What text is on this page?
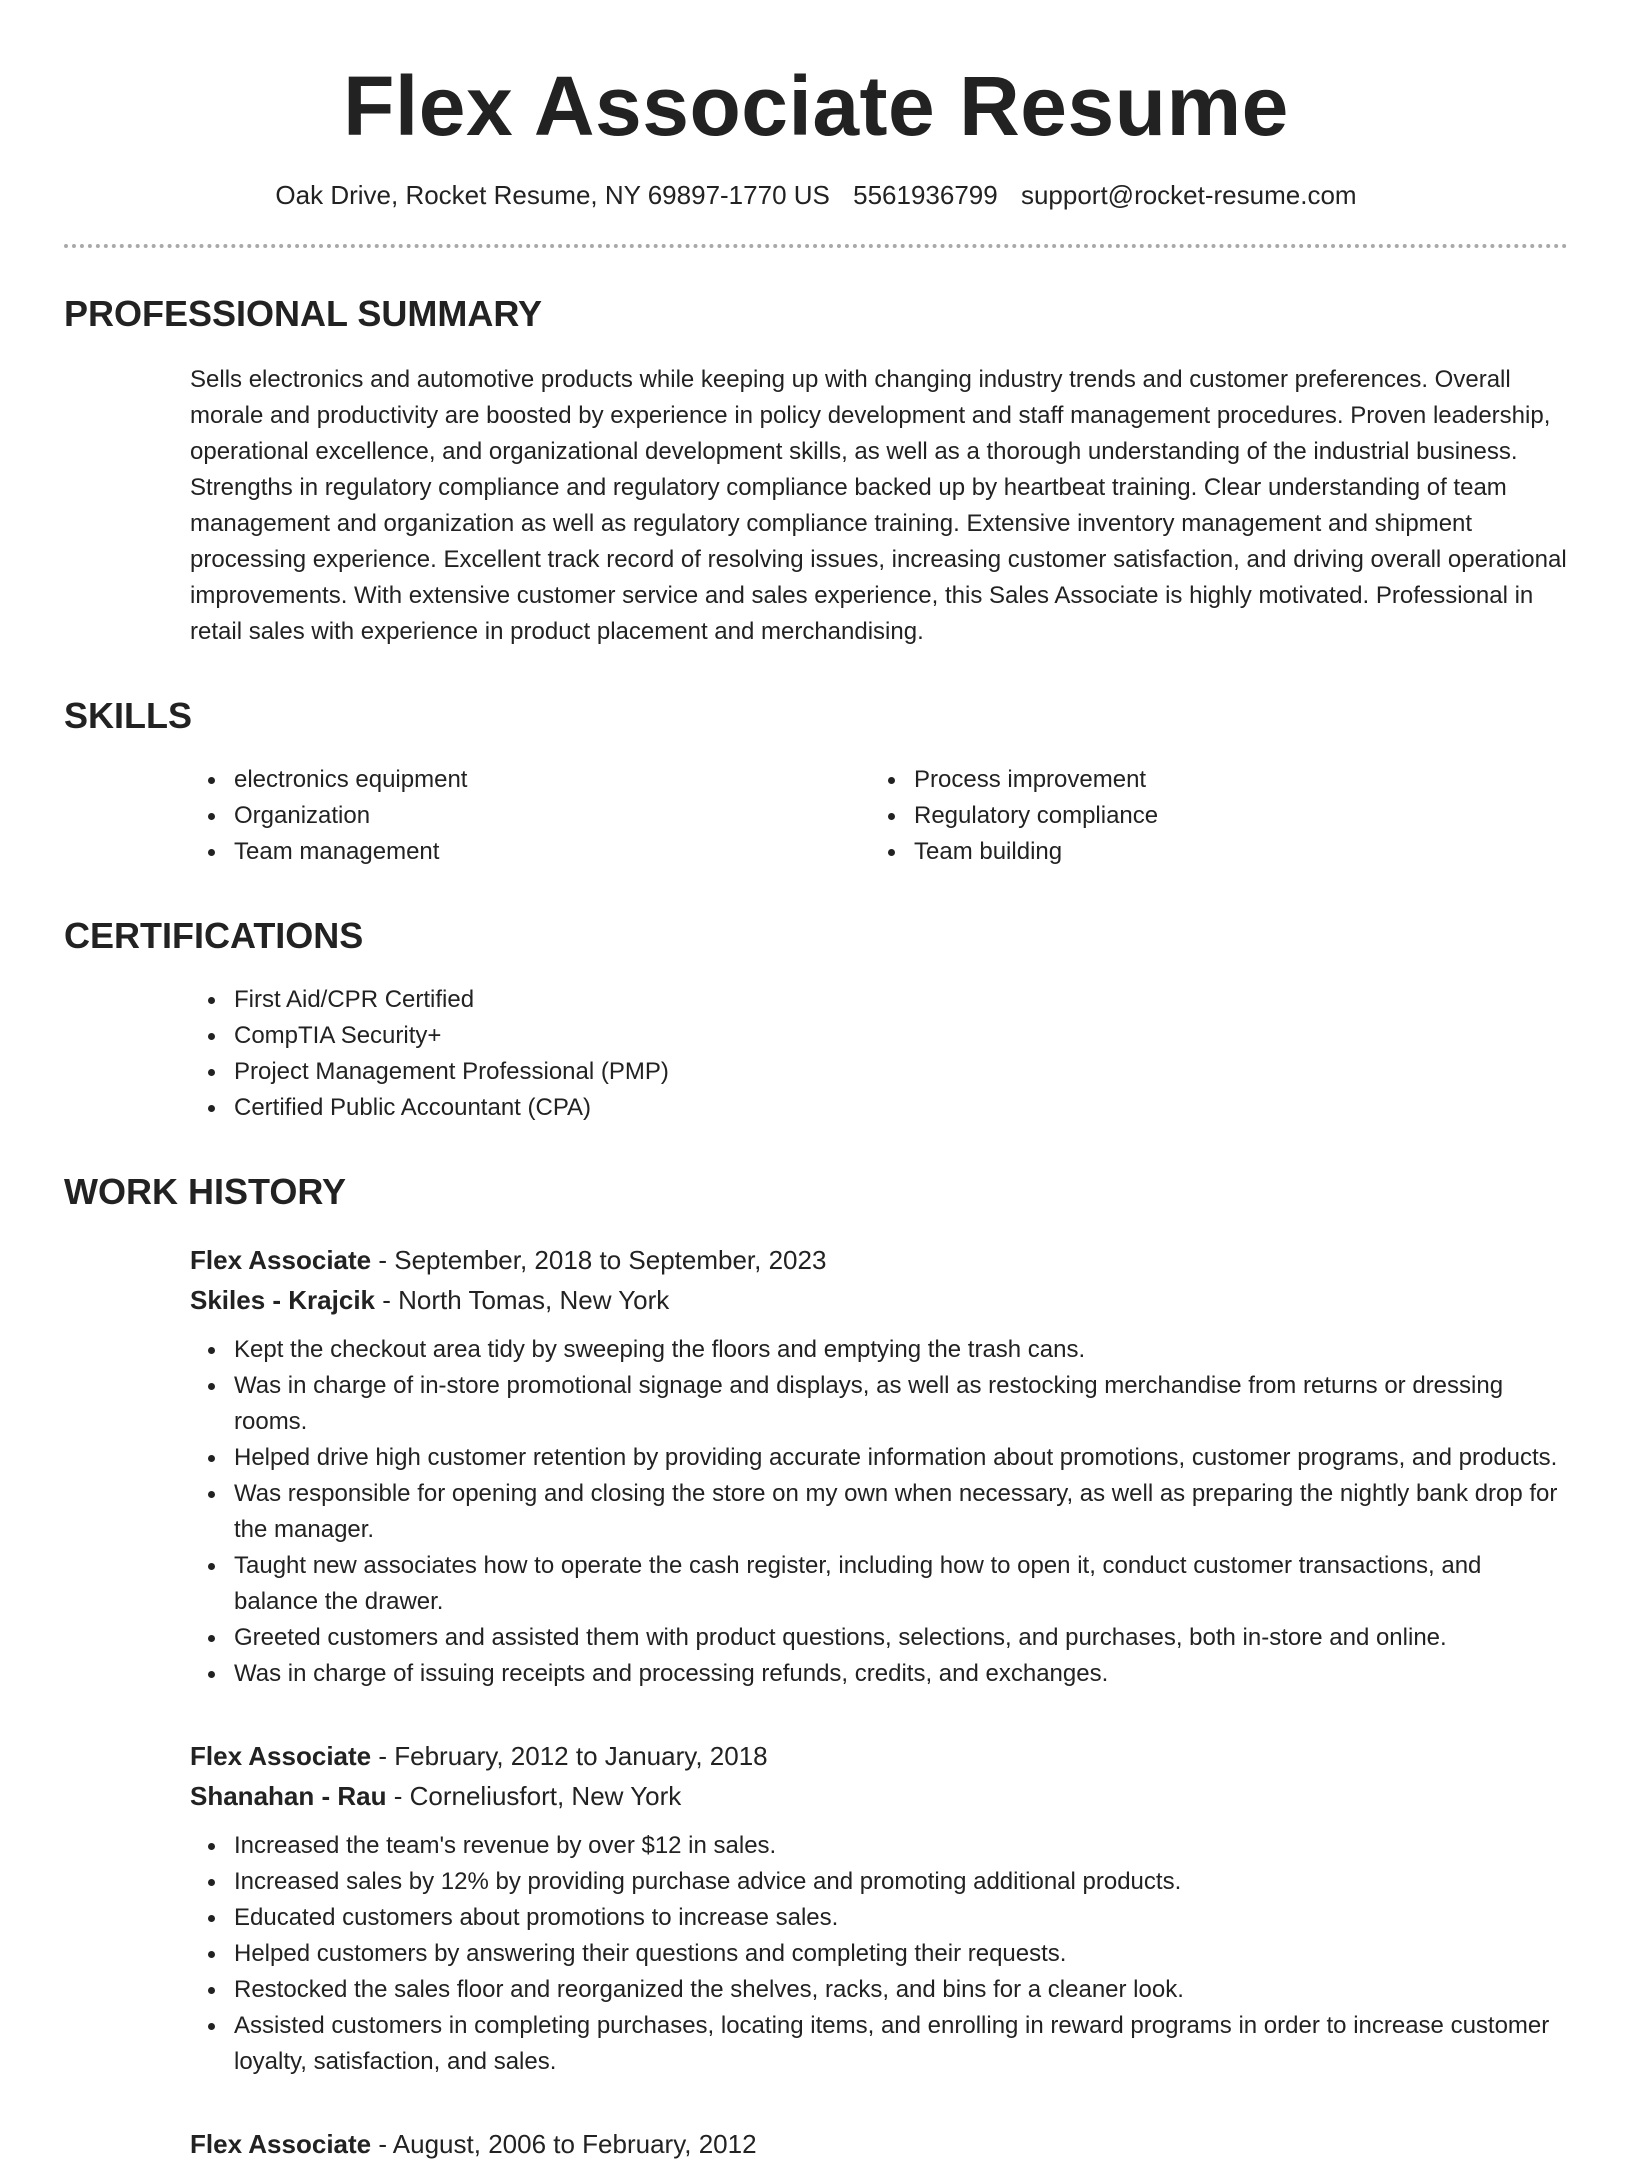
Flex Associate Resume
Oak Drive, Rocket Resume, NY 69897-1770 US 5561936799 support@rocket-resume.com
PROFESSIONAL SUMMARY
Sells electronics and automotive products while keeping up with changing industry trends and customer preferences. Overall morale and productivity are boosted by experience in policy development and staff management procedures. Proven leadership, operational excellence, and organizational development skills, as well as a thorough understanding of the industrial business. Strengths in regulatory compliance and regulatory compliance backed up by heartbeat training. Clear understanding of team management and organization as well as regulatory compliance training. Extensive inventory management and shipment processing experience. Excellent track record of resolving issues, increasing customer satisfaction, and driving overall operational improvements. With extensive customer service and sales experience, this Sales Associate is highly motivated. Professional in retail sales with experience in product placement and merchandising.
SKILLS
electronics equipment
Organization
Team management
Process improvement
Regulatory compliance
Team building
CERTIFICATIONS
First Aid/CPR Certified
CompTIA Security+
Project Management Professional (PMP)
Certified Public Accountant (CPA)
WORK HISTORY
Flex Associate - September, 2018 to September, 2023
Skiles - Krajcik - North Tomas, New York
Kept the checkout area tidy by sweeping the floors and emptying the trash cans.
Was in charge of in-store promotional signage and displays, as well as restocking merchandise from returns or dressing rooms.
Helped drive high customer retention by providing accurate information about promotions, customer programs, and products.
Was responsible for opening and closing the store on my own when necessary, as well as preparing the nightly bank drop for the manager.
Taught new associates how to operate the cash register, including how to open it, conduct customer transactions, and balance the drawer.
Greeted customers and assisted them with product questions, selections, and purchases, both in-store and online.
Was in charge of issuing receipts and processing refunds, credits, and exchanges.
Flex Associate - February, 2012 to January, 2018
Shanahan - Rau - Corneliusfort, New York
Increased the team's revenue by over $12 in sales.
Increased sales by 12% by providing purchase advice and promoting additional products.
Educated customers about promotions to increase sales.
Helped customers by answering their questions and completing their requests.
Restocked the sales floor and reorganized the shelves, racks, and bins for a cleaner look.
Assisted customers in completing purchases, locating items, and enrolling in reward programs in order to increase customer loyalty, satisfaction, and sales.
Flex Associate - August, 2006 to February, 2012
